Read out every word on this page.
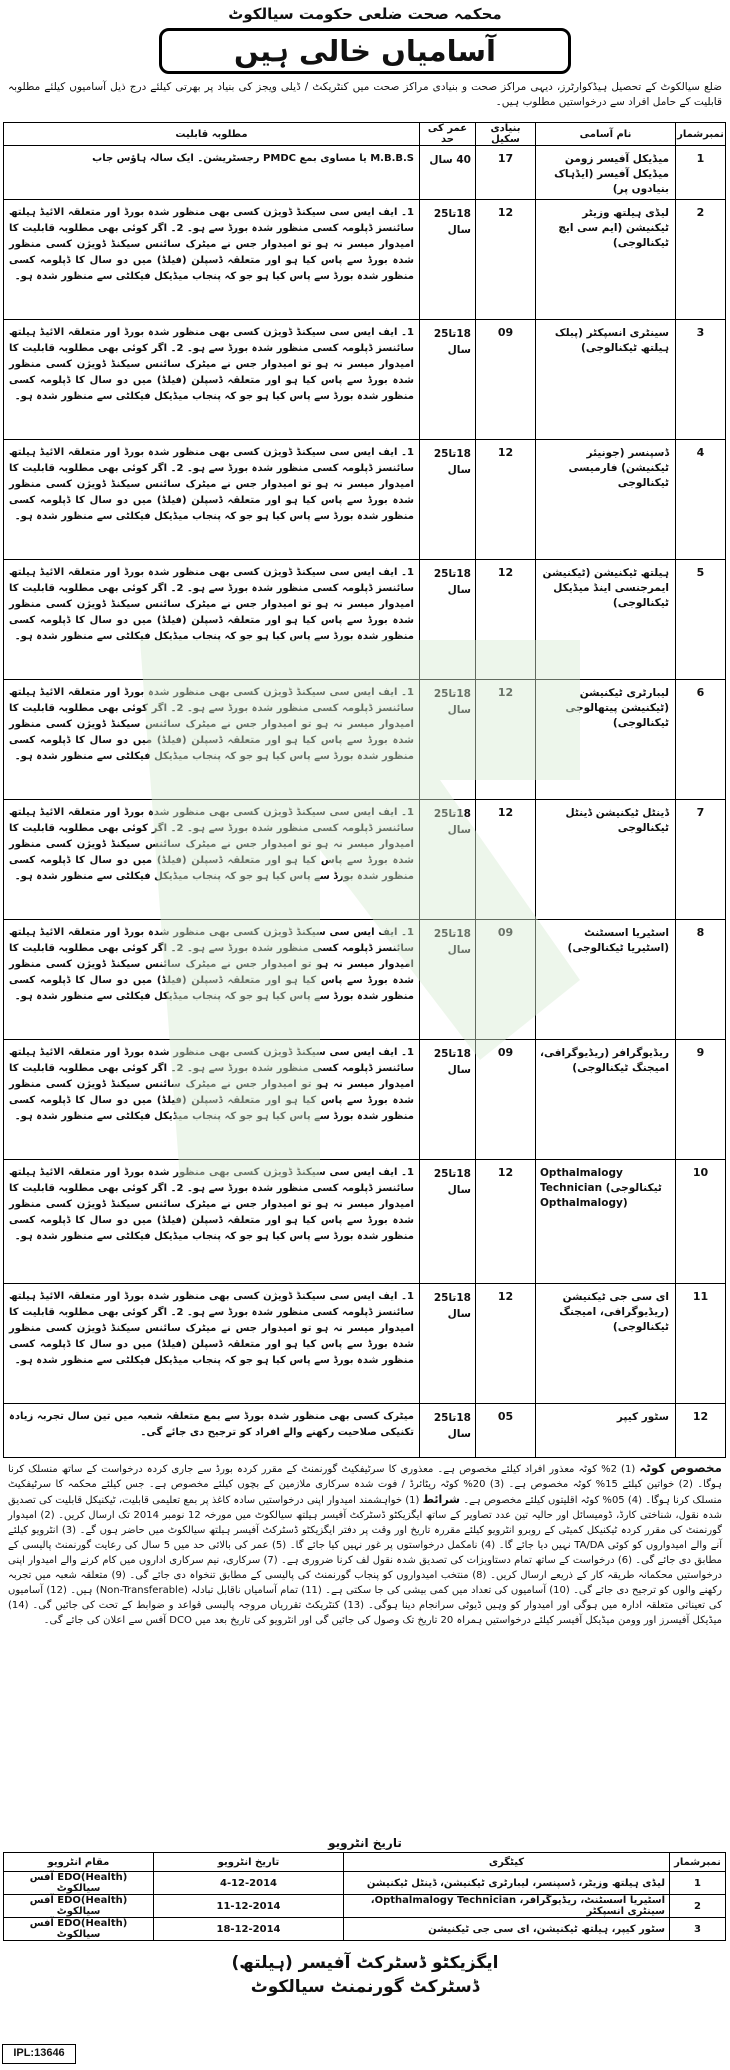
محکمہ صحت ضلعی حکومت سیالکوٹ
آسامیاں خالی ہیں
ضلع سیالکوٹ کے تحصیل ہیڈکوارٹرز، دیہی مراکز صحت و بنیادی مراکز صحت میں کنٹریکٹ / ڈیلی ویجز کی بنیاد پر بھرتی کیلئے درج ذیل آسامیوں کیلئے مطلوبہ قابلیت کے حامل افراد سے درخواستیں مطلوب ہیں۔
نمبرشمار	نام آسامی	بنیادی سکیل	عمر کی حد	مطلوبہ قابلیت
1	میڈیکل آفیسر زومن میڈیکل آفیسر (ایڈہاک بنیادوں پر)	17	40 سال	M.B.B.S یا مساوی بمع PMDC رجسٹریشن۔ ایک سالہ ہاؤس جاب
2	لیڈی ہیلتھ وزیٹر ٹیکنیشن (ایم سی ایچ ٹیکنالوجی)	12	18تا25 سال	1۔ ایف ایس سی سیکنڈ ڈویژن کسی بھی منظور شدہ بورڈ اور متعلقہ الائیڈ ہیلتھ سائنسز ڈپلومہ کسی منظور شدہ بورڈ سے ہو۔ 2۔ اگر کوئی بھی مطلوبہ قابلیت کا امیدوار میسر نہ ہو تو امیدوار جس نے میٹرک سائنس سیکنڈ ڈویژن کسی منظور شدہ بورڈ سے پاس کیا ہو اور متعلقہ ڈسپلن (فیلڈ) میں دو سال کا ڈپلومہ کسی منظور شدہ بورڈ سے پاس کیا ہو جو کہ پنجاب میڈیکل فیکلٹی سے منظور شدہ ہو۔
3	سینٹری انسپکٹر (پبلک ہیلتھ ٹیکنالوجی)	09	18تا25 سال	1۔ ایف ایس سی سیکنڈ ڈویژن کسی بھی منظور شدہ بورڈ اور متعلقہ الائیڈ ہیلتھ سائنسز ڈپلومہ کسی منظور شدہ بورڈ سے ہو۔ 2۔ اگر کوئی بھی مطلوبہ قابلیت کا امیدوار میسر نہ ہو تو امیدوار جس نے میٹرک سائنس سیکنڈ ڈویژن کسی منظور شدہ بورڈ سے پاس کیا ہو اور متعلقہ ڈسپلن (فیلڈ) میں دو سال کا ڈپلومہ کسی منظور شدہ بورڈ سے پاس کیا ہو جو کہ پنجاب میڈیکل فیکلٹی سے منظور شدہ ہو۔
4	ڈسپنسر (جونیئر ٹیکنیشن) فارمیسی ٹیکنالوجی	12	18تا25 سال	1۔ ایف ایس سی سیکنڈ ڈویژن کسی بھی منظور شدہ بورڈ اور متعلقہ الائیڈ ہیلتھ سائنسز ڈپلومہ کسی منظور شدہ بورڈ سے ہو۔ 2۔ اگر کوئی بھی مطلوبہ قابلیت کا امیدوار میسر نہ ہو تو امیدوار جس نے میٹرک سائنس سیکنڈ ڈویژن کسی منظور شدہ بورڈ سے پاس کیا ہو اور متعلقہ ڈسپلن (فیلڈ) میں دو سال کا ڈپلومہ کسی منظور شدہ بورڈ سے پاس کیا ہو جو کہ پنجاب میڈیکل فیکلٹی سے منظور شدہ ہو۔
5	ہیلتھ ٹیکنیشن (ٹیکنیشن ایمرجنسی اینڈ میڈیکل ٹیکنالوجی)	12	18تا25 سال	1۔ ایف ایس سی سیکنڈ ڈویژن کسی بھی منظور شدہ بورڈ اور متعلقہ الائیڈ ہیلتھ سائنسز ڈپلومہ کسی منظور شدہ بورڈ سے ہو۔ 2۔ اگر کوئی بھی مطلوبہ قابلیت کا امیدوار میسر نہ ہو تو امیدوار جس نے میٹرک سائنس سیکنڈ ڈویژن کسی منظور شدہ بورڈ سے پاس کیا ہو اور متعلقہ ڈسپلن (فیلڈ) میں دو سال کا ڈپلومہ کسی منظور شدہ بورڈ سے پاس کیا ہو جو کہ پنجاب میڈیکل فیکلٹی سے منظور شدہ ہو۔
6	لیبارٹری ٹیکنیشن (ٹیکنیشن پیتھالوجی ٹیکنالوجی)	12	18تا25 سال	1۔ ایف ایس سی سیکنڈ ڈویژن کسی بھی منظور شدہ بورڈ اور متعلقہ الائیڈ ہیلتھ سائنسز ڈپلومہ کسی منظور شدہ بورڈ سے ہو۔ 2۔ اگر کوئی بھی مطلوبہ قابلیت کا امیدوار میسر نہ ہو تو امیدوار جس نے میٹرک سائنس سیکنڈ ڈویژن کسی منظور شدہ بورڈ سے پاس کیا ہو اور متعلقہ ڈسپلن (فیلڈ) میں دو سال کا ڈپلومہ کسی منظور شدہ بورڈ سے پاس کیا ہو جو کہ پنجاب میڈیکل فیکلٹی سے منظور شدہ ہو۔
7	ڈینٹل ٹیکنیشن ڈینٹل ٹیکنالوجی	12	18تا25 سال	1۔ ایف ایس سی سیکنڈ ڈویژن کسی بھی منظور شدہ بورڈ اور متعلقہ الائیڈ ہیلتھ سائنسز ڈپلومہ کسی منظور شدہ بورڈ سے ہو۔ 2۔ اگر کوئی بھی مطلوبہ قابلیت کا امیدوار میسر نہ ہو تو امیدوار جس نے میٹرک سائنس سیکنڈ ڈویژن کسی منظور شدہ بورڈ سے پاس کیا ہو اور متعلقہ ڈسپلن (فیلڈ) میں دو سال کا ڈپلومہ کسی منظور شدہ بورڈ سے پاس کیا ہو جو کہ پنجاب میڈیکل فیکلٹی سے منظور شدہ ہو۔
8	اسٹیریا اسسٹنٹ (اسٹیریا ٹیکنالوجی)	09	18تا25 سال	1۔ ایف ایس سی سیکنڈ ڈویژن کسی بھی منظور شدہ بورڈ اور متعلقہ الائیڈ ہیلتھ سائنسز ڈپلومہ کسی منظور شدہ بورڈ سے ہو۔ 2۔ اگر کوئی بھی مطلوبہ قابلیت کا امیدوار میسر نہ ہو تو امیدوار جس نے میٹرک سائنس سیکنڈ ڈویژن کسی منظور شدہ بورڈ سے پاس کیا ہو اور متعلقہ ڈسپلن (فیلڈ) میں دو سال کا ڈپلومہ کسی منظور شدہ بورڈ سے پاس کیا ہو جو کہ پنجاب میڈیکل فیکلٹی سے منظور شدہ ہو۔
9	ریڈیوگرافر (ریڈیوگرافی، امیجنگ ٹیکنالوجی)	09	18تا25 سال	1۔ ایف ایس سی سیکنڈ ڈویژن کسی بھی منظور شدہ بورڈ اور متعلقہ الائیڈ ہیلتھ سائنسز ڈپلومہ کسی منظور شدہ بورڈ سے ہو۔ 2۔ اگر کوئی بھی مطلوبہ قابلیت کا امیدوار میسر نہ ہو تو امیدوار جس نے میٹرک سائنس سیکنڈ ڈویژن کسی منظور شدہ بورڈ سے پاس کیا ہو اور متعلقہ ڈسپلن (فیلڈ) میں دو سال کا ڈپلومہ کسی منظور شدہ بورڈ سے پاس کیا ہو جو کہ پنجاب میڈیکل فیکلٹی سے منظور شدہ ہو۔
10	Opthalmalogy Technician (ٹیکنالوجی Opthalmalogy)	12	18تا25 سال	1۔ ایف ایس سی سیکنڈ ڈویژن کسی بھی منظور شدہ بورڈ اور متعلقہ الائیڈ ہیلتھ سائنسز ڈپلومہ کسی منظور شدہ بورڈ سے ہو۔ 2۔ اگر کوئی بھی مطلوبہ قابلیت کا امیدوار میسر نہ ہو تو امیدوار جس نے میٹرک سائنس سیکنڈ ڈویژن کسی منظور شدہ بورڈ سے پاس کیا ہو اور متعلقہ ڈسپلن (فیلڈ) میں دو سال کا ڈپلومہ کسی منظور شدہ بورڈ سے پاس کیا ہو جو کہ پنجاب میڈیکل فیکلٹی سے منظور شدہ ہو۔
11	ای سی جی ٹیکنیشن (ریڈیوگرافی، امیجنگ ٹیکنالوجی)	12	18تا25 سال	1۔ ایف ایس سی سیکنڈ ڈویژن کسی بھی منظور شدہ بورڈ اور متعلقہ الائیڈ ہیلتھ سائنسز ڈپلومہ کسی منظور شدہ بورڈ سے ہو۔ 2۔ اگر کوئی بھی مطلوبہ قابلیت کا امیدوار میسر نہ ہو تو امیدوار جس نے میٹرک سائنس سیکنڈ ڈویژن کسی منظور شدہ بورڈ سے پاس کیا ہو اور متعلقہ ڈسپلن (فیلڈ) میں دو سال کا ڈپلومہ کسی منظور شدہ بورڈ سے پاس کیا ہو جو کہ پنجاب میڈیکل فیکلٹی سے منظور شدہ ہو۔
12	سٹور کیپر	05	18تا25 سال	میٹرک کسی بھی منظور شدہ بورڈ سے بمع متعلقہ شعبہ میں تین سال تجربہ زیادہ تکنیکی صلاحیت رکھنے والے افراد کو ترجیح دی جائے گی۔
مخصوص کوٹہ (1) 2% کوٹہ معذور افراد کیلئے مخصوص ہے۔ معذوری کا سرٹیفکیٹ گورنمنٹ کے مقرر کردہ بورڈ سے جاری کردہ درخواست کے ساتھ منسلک کرنا ہوگا۔ (2) خواتین کیلئے 15% کوٹہ مخصوص ہے۔ (3) 20% کوٹہ ریٹائرڈ / فوت شدہ سرکاری ملازمین کے بچوں کیلئے مخصوص ہے۔ جس کیلئے محکمہ کا سرٹیفکیٹ منسلک کرنا ہوگا۔ (4) 05% کوٹہ اقلیتوں کیلئے مخصوص ہے۔ شرائط (1) خواہشمند امیدوار اپنی درخواستیں سادہ کاغذ پر بمع تعلیمی قابلیت، ٹیکنیکل قابلیت کی تصدیق شدہ نقول، شناختی کارڈ، ڈومیسائل اور حالیہ تین عدد تصاویر کے ساتھ ایگزیکٹو ڈسٹرکٹ آفیسر ہیلتھ سیالکوٹ میں مورخہ 12 نومبر 2014 تک ارسال کریں۔ (2) امیدوار گورنمنٹ کی مقرر کردہ ٹیکنیکل کمیٹی کے روبرو انٹرویو کیلئے مقررہ تاریخ اور وقت پر دفتر ایگزیکٹو ڈسٹرکٹ آفیسر ہیلتھ سیالکوٹ میں حاضر ہوں گے۔ (3) انٹرویو کیلئے آنے والے امیدواروں کو کوئی TA/DA نہیں دیا جائے گا۔ (4) نامکمل درخواستوں پر غور نہیں کیا جائے گا۔ (5) عمر کی بالائی حد میں 5 سال کی رعایت گورنمنٹ پالیسی کے مطابق دی جائے گی۔ (6) درخواست کے ساتھ تمام دستاویزات کی تصدیق شدہ نقول لف کرنا ضروری ہے۔ (7) سرکاری، نیم سرکاری اداروں میں کام کرنے والے امیدوار اپنی درخواستیں محکمانہ طریقہ کار کے ذریعے ارسال کریں۔ (8) منتخب امیدواروں کو پنجاب گورنمنٹ کی پالیسی کے مطابق تنخواہ دی جائے گی۔ (9) متعلقہ شعبہ میں تجربہ رکھنے والوں کو ترجیح دی جائے گی۔ (10) آسامیوں کی تعداد میں کمی بیشی کی جا سکتی ہے۔ (11) تمام آسامیاں ناقابل تبادلہ (Non-Transferable) ہیں۔ (12) آسامیوں کی تعیناتی متعلقہ ادارہ میں ہوگی اور امیدوار کو وہیں ڈیوٹی سرانجام دینا ہوگی۔ (13) کنٹریکٹ تقرریاں مروجہ پالیسی قواعد و ضوابط کے تحت کی جائیں گی۔ (14) میڈیکل آفیسرز اور وومن میڈیکل آفیسر کیلئے درخواستیں ہمراہ 20 تاریخ تک وصول کی جائیں گی اور انٹرویو کی تاریخ بعد میں DCO آفس سے اعلان کی جائے گی۔
تاریخ انٹرویو
نمبرشمار	کیٹگری	تاریخ انٹرویو	مقام انٹرویو
1	لیڈی ہیلتھ وزیٹر، ڈسپنسر، لیبارٹری ٹیکنیشن، ڈینٹل ٹیکنیشن	4-12-2014	EDO(Health) آفس سیالکوٹ
2	اسٹیریا اسسٹنٹ، ریڈیوگرافر، Opthalmalogy Technician، سینٹری انسپکٹر	11-12-2014	EDO(Health) آفس سیالکوٹ
3	سٹور کیپر، ہیلتھ ٹیکنیشن، ای سی جی ٹیکنیشن	18-12-2014	EDO(Health) آفس سیالکوٹ
ایگزیکٹو ڈسٹرکٹ آفیسر (ہیلتھ)
ڈسٹرکٹ گورنمنٹ سیالکوٹ
IPL:13646
